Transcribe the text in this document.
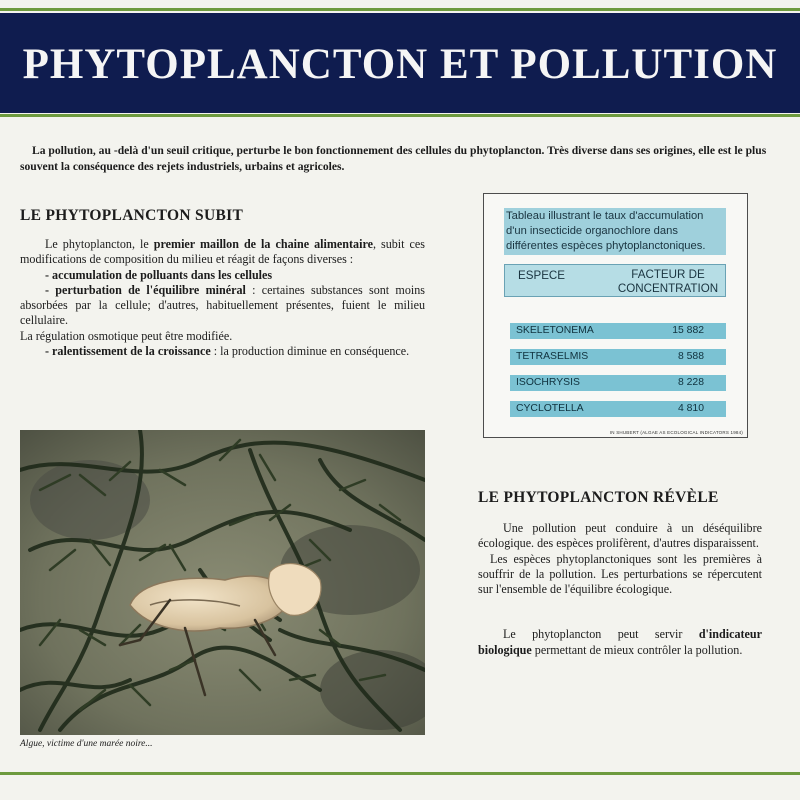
PHYTOPLANCTON ET POLLUTION
La pollution, au -delà d'un seuil critique, perturbe le bon fonctionnement des cellules du phytoplancton. Très diverse dans ses origines, elle est le plus souvent la conséquence des rejets industriels, urbains et agricoles.
LE PHYTOPLANCTON SUBIT

Le phytoplancton, le premier maillon de la chaine alimentaire, subit ces modifications de composition du milieu et réagit de façons diverses :

- accumulation de polluants dans les cellules

- perturbation de l'équilibre minéral : certaines substances sont moins absorbées par la cellule; d'autres, habituellement présentes, fuient le milieu cellulaire.

La régulation osmotique peut être modifiée.

- ralentissement de la croissance : la production diminue en conséquence.

Algue, victime d'une marée noire...
Tableau illustrant le taux d'accumulation d'un insecticide organochlore dans différentes espèces phytoplanctoniques.
ESPECE	FACTEUR DE CONCENTRATION
SKELETONEMA	15 882
TETRASELMIS	8 588
ISOCHRYSIS	8 228
CYCLOTELLA	4 810
IN SHUBERT (ALGAE AS ECOLOGICAL INDICATORS 1984)
LE PHYTOPLANCTON RÉVÈLE

Une pollution peut conduire à un déséquilibre écologique. des espèces prolifèrent, d'autres disparaissent.

Les espèces phytoplanctoniques sont les premières à souffrir de la pollution. Les perturbations se répercutent sur l'ensemble de l'équilibre écologique.

Le phytoplancton peut servir d'indicateur biologique permettant de mieux contrôler la pollution.
